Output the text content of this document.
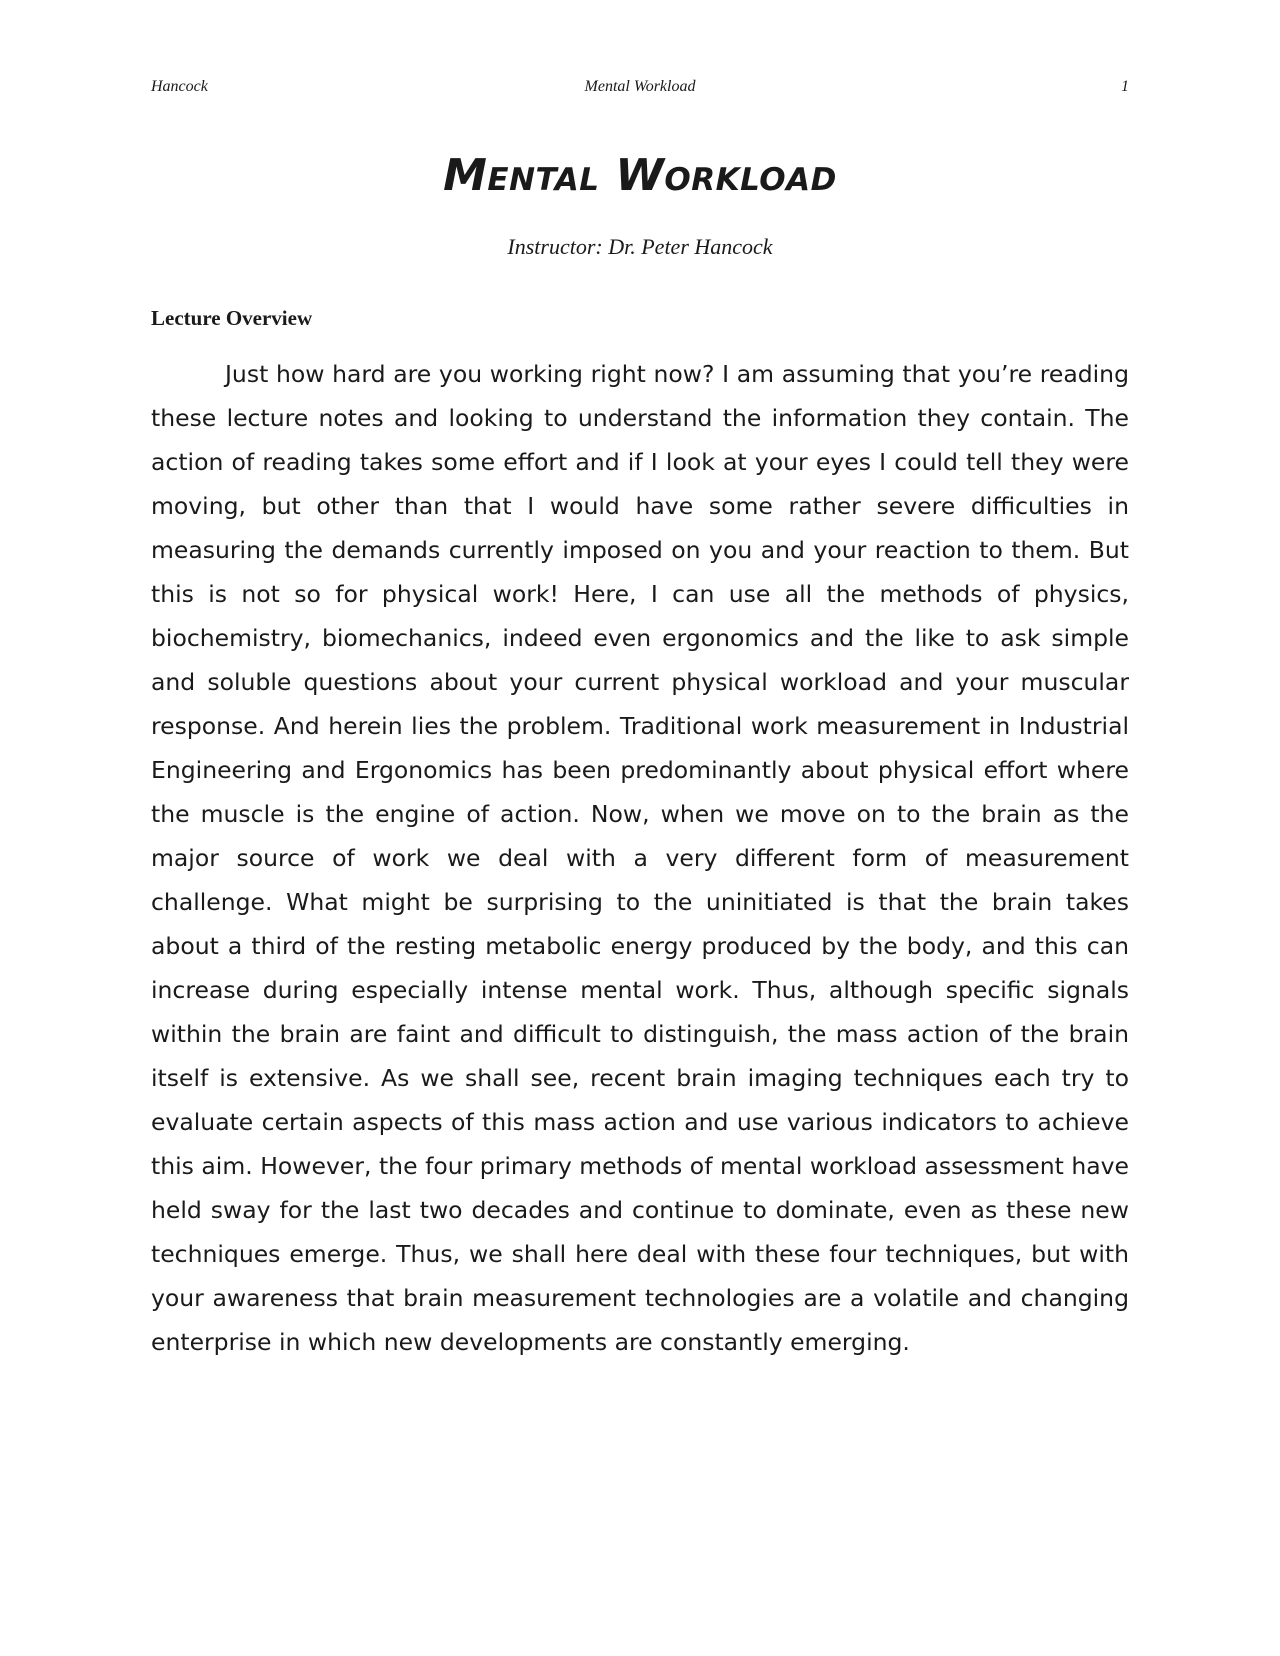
Mental Workload
Hancock	1
Mental Workload
Instructor: Dr. Peter Hancock
Lecture Overview

Just how hard are you working right now? I am assuming that you’re reading these lecture notes and looking to understand the information they contain. The action of reading takes some effort and if I look at your eyes I could tell they were moving, but other than that I would have some rather severe difficulties in measuring the demands currently imposed on you and your reaction to them. But this is not so for physical work! Here, I can use all the methods of physics, biochemistry, biomechanics, indeed even ergonomics and the like to ask simple and soluble questions about your current physical workload and your muscular response. And herein lies the problem. Traditional work measurement in Industrial Engineering and Ergonomics has been predominantly about physical effort where the muscle is the engine of action. Now, when we move on to the brain as the major source of work we deal with a very different form of measurement challenge. What might be surprising to the uninitiated is that the brain takes about a third of the resting metabolic energy produced by the body, and this can increase during especially intense mental work. Thus, although specific signals within the brain are faint and difficult to distinguish, the mass action of the brain itself is extensive. As we shall see, recent brain imaging techniques each try to evaluate certain aspects of this mass action and use various indicators to achieve this aim. However, the four primary methods of mental workload assessment have held sway for the last two decades and continue to dominate, even as these new techniques emerge. Thus, we shall here deal with these four techniques, but with your awareness that brain measurement technologies are a volatile and changing enterprise in which new developments are constantly emerging.
